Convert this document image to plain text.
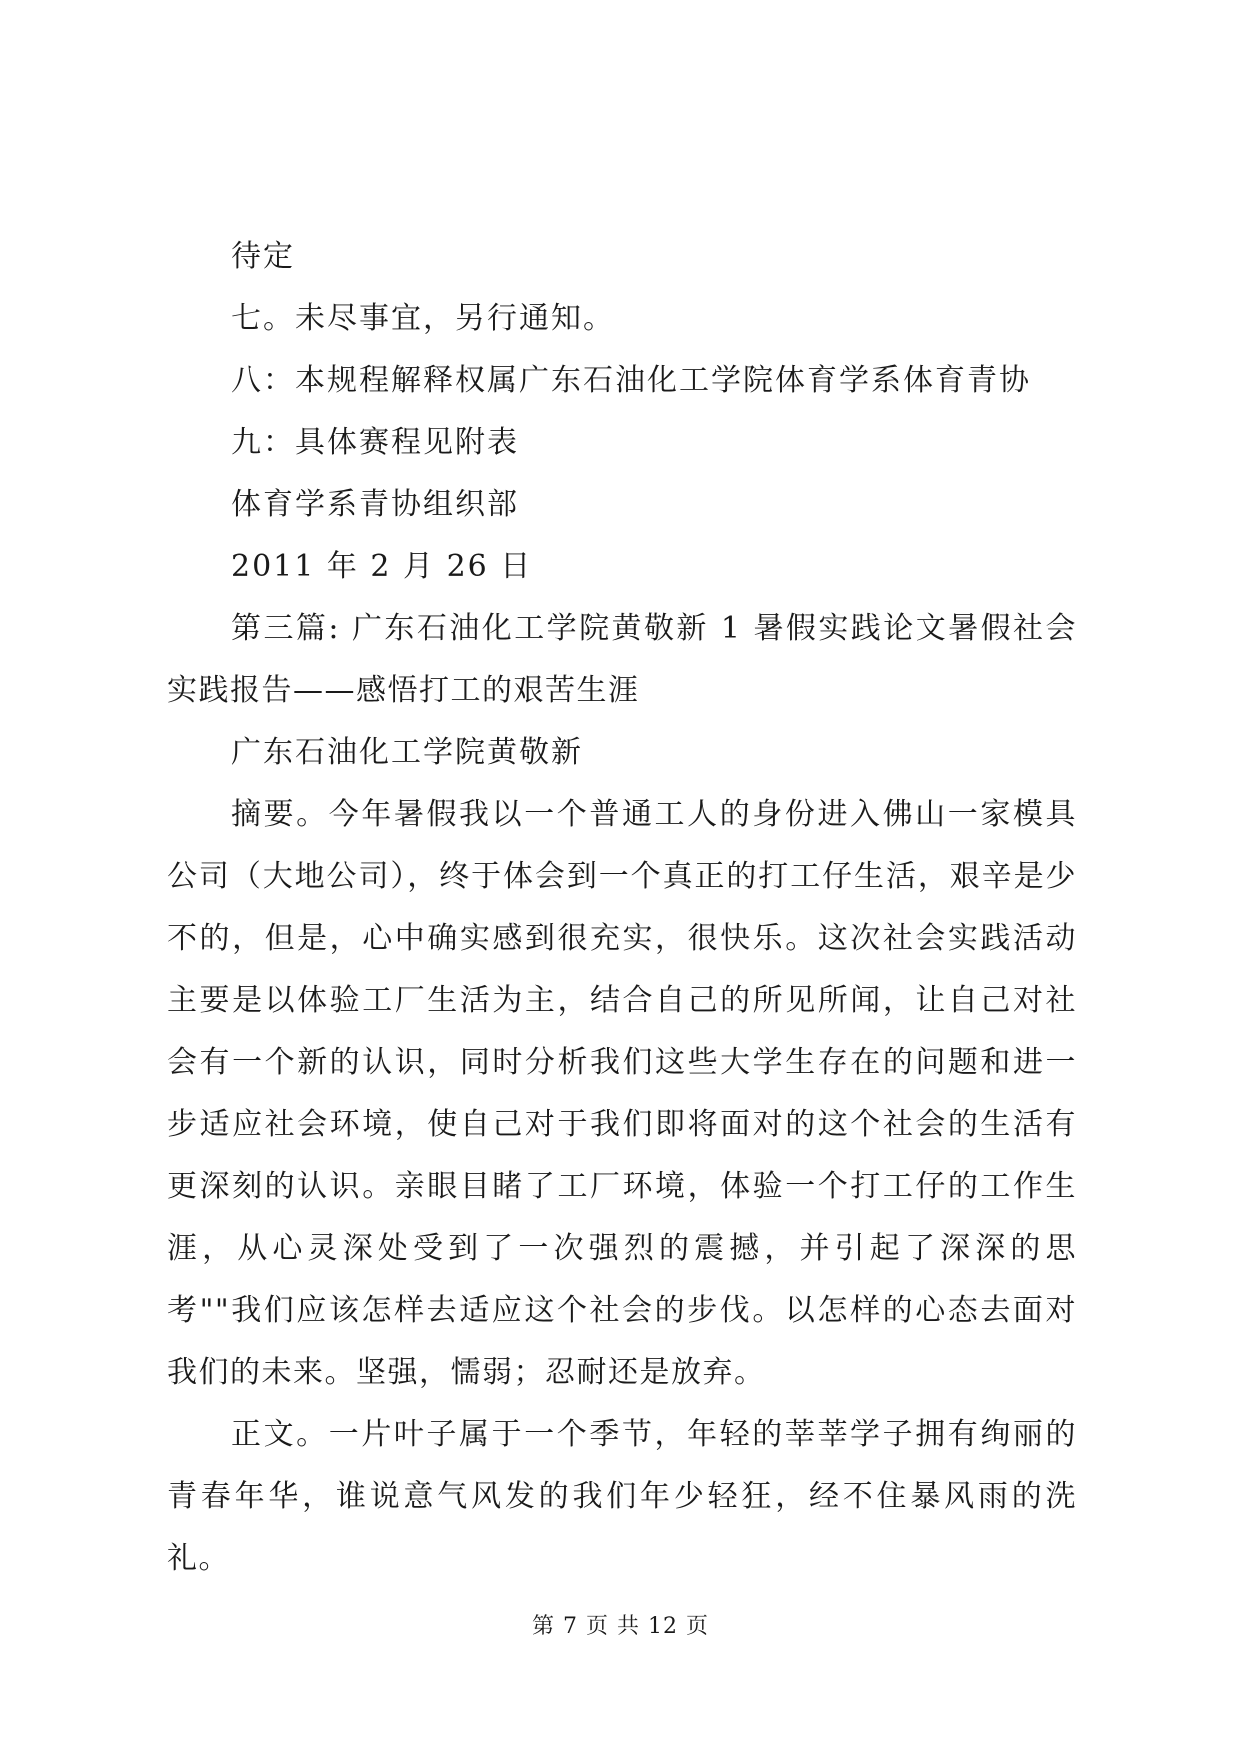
待定
七。未尽事宜，另行通知。
八：本规程解释权属广东石油化工学院体育学系体育青协
九：具体赛程见附表
体育学系青协组织部
2011 年 2 月 26 日
第三篇: 广东石油化工学院黄敬新 1 暑假实践论文暑假社会实践报告——感悟打工的艰苦生涯
广东石油化工学院黄敬新
摘要。今年暑假我以一个普通工人的身份进入佛山一家模具公司（大地公司），终于体会到一个真正的打工仔生活，艰辛是少不的，但是，心中确实感到很充实，很快乐。这次社会实践活动主要是以体验工厂生活为主，结合自己的所见所闻，让自己对社会有一个新的认识，同时分析我们这些大学生存在的问题和进一步适应社会环境，使自己对于我们即将面对的这个社会的生活有更深刻的认识。亲眼目睹了工厂环境，体验一个打工仔的工作生涯，从心灵深处受到了一次强烈的震撼，并引起了深深的思考""我们应该怎样去适应这个社会的步伐。以怎样的心态去面对我们的未来。坚强，懦弱；忍耐还是放弃。
正文。一片叶子属于一个季节，年轻的莘莘学子拥有绚丽的青春年华，谁说意气风发的我们年少轻狂，经不住暴风雨的洗礼。
第 7 页 共 12 页
